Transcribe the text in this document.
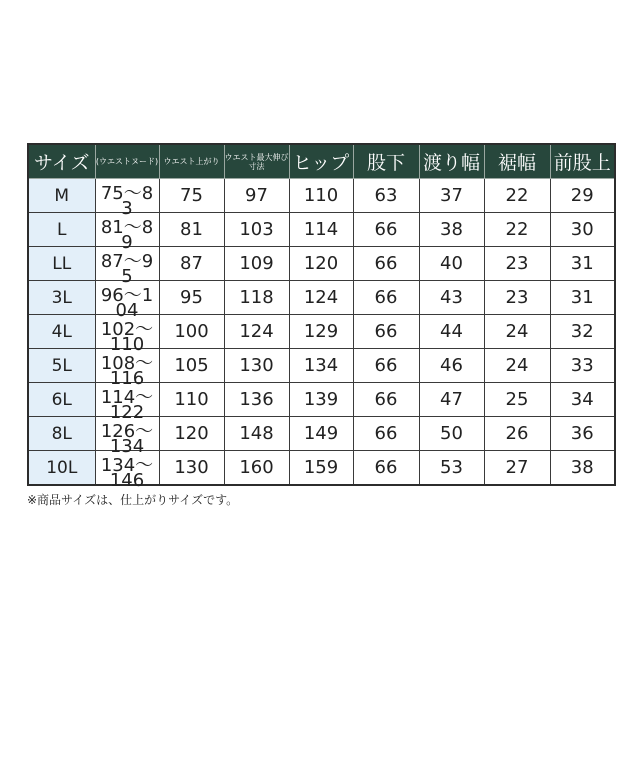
サイズ	(ウエストヌード)	ウエスト上がり	ウエスト最大伸び寸法	ヒップ	股下	渡り幅	裾幅	前股上
M	75〜83	75	97	110	63	37	22	29
L	81〜89	81	103	114	66	38	22	30
LL	87〜95	87	109	120	66	40	23	31
3L	96〜104	95	118	124	66	43	23	31
4L	102〜110	100	124	129	66	44	24	32
5L	108〜116	105	130	134	66	46	24	33
6L	114〜122	110	136	139	66	47	25	34
8L	126〜134	120	148	149	66	50	26	36
10L	134〜146	130	160	159	66	53	27	38
※商品サイズは、仕上がりサイズです。
